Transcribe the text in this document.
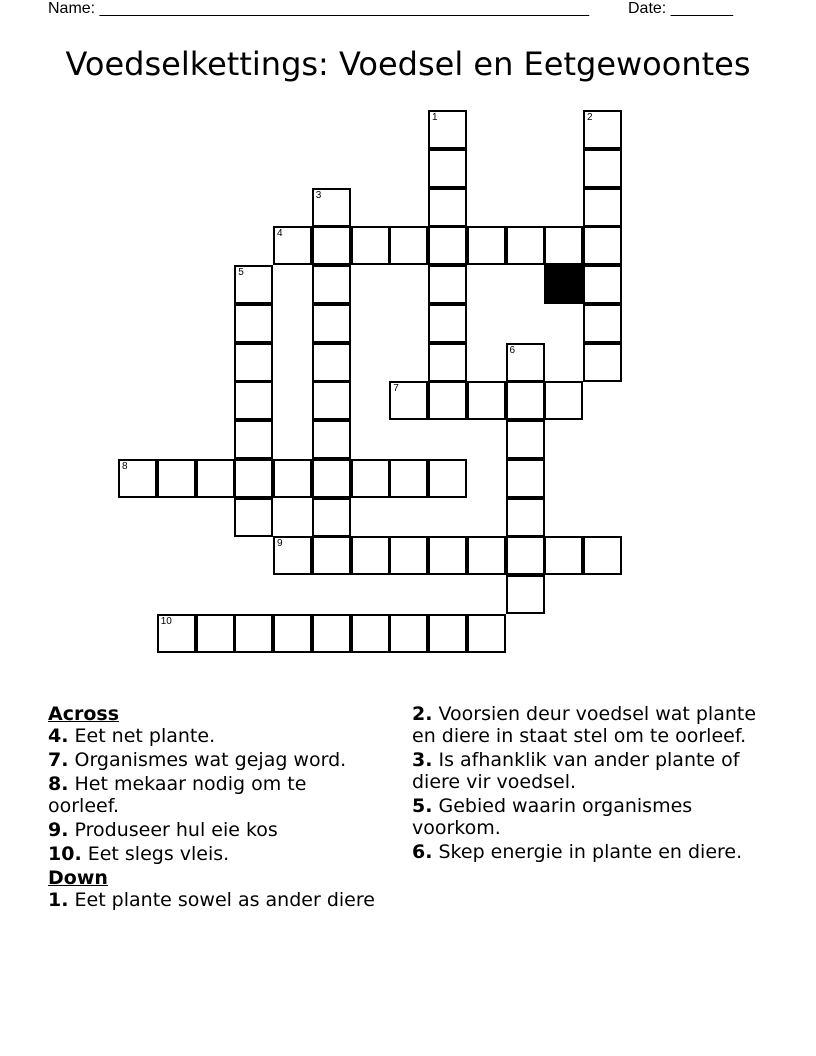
Name: _______________________________________________________ Date: _______
Voedselkettings: Voedsel en Eetgewoontes
4
7
8
9
10
1	2
3
5
6
Across
4. Eet net plante.
7. Organismes wat gejag word.
8. Het mekaar nodig om te oorleef.
9. Produseer hul eie kos
10. Eet slegs vleis.
Down
1. Eet plante sowel as ander diere
2. Voorsien deur voedsel wat plante en diere in staat stel om te oorleef.
3. Is afhanklik van ander plante of diere vir voedsel.
5. Gebied waarin organismes voorkom.
6. Skep energie in plante en diere.
